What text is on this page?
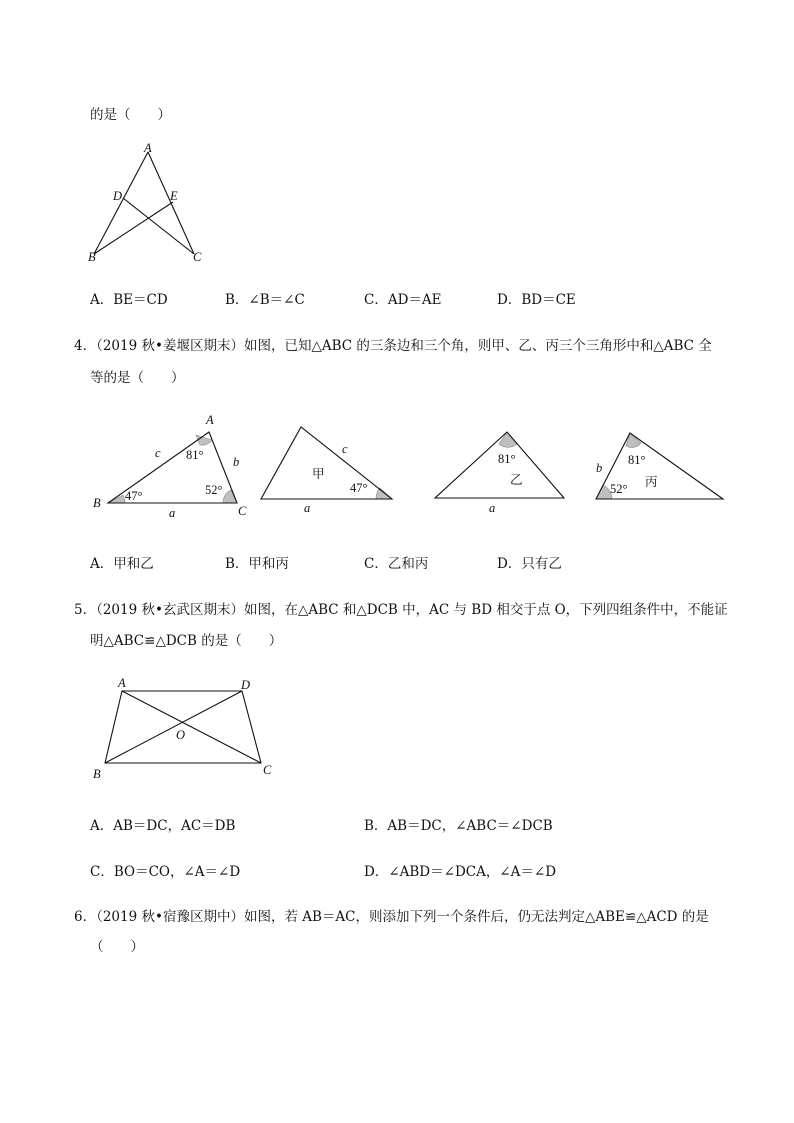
的是（　　）
A
D	E
B	C
A．BE＝CD	B．∠B＝∠C	C．AD＝AE	D．BD＝CE
4．（2019 秋•姜堰区期末）如图，已知△ABC 的三条边和三个角，则甲、乙、丙三个三角形中和△ABC 全
等的是（　　）
A
B
C
a
b
c 81°
52°
47°
甲
c
a
47°
乙
a
81°
丙
b
81°
52°
A．甲和乙	B．甲和丙	C．乙和丙	D．只有乙
5．（2019 秋•玄武区期末）如图，在△ABC 和△DCB 中，AC 与 BD 相交于点 O，下列四组条件中，不能证
明△ABC≌△DCB 的是（　　）
A	D
O
B	C
A．AB＝DC，AC＝DB	B．AB＝DC，∠ABC＝∠DCB
C．BO＝CO，∠A＝∠D	D．∠ABD＝∠DCA，∠A＝∠D
6．（2019 秋•宿豫区期中）如图，若 AB＝AC，则添加下列一个条件后，仍无法判定△ABE≌△ACD 的是
（　　）
